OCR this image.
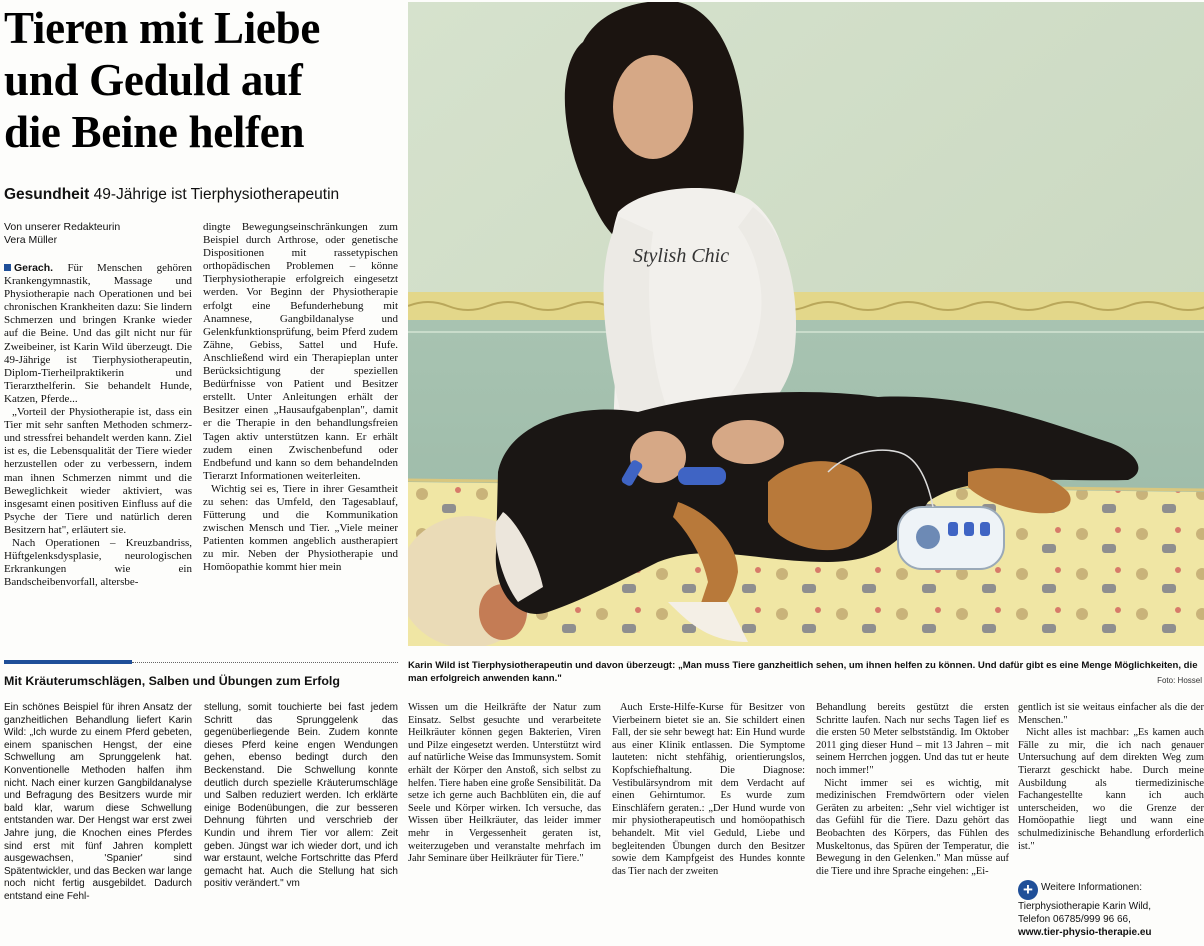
Tieren mit Liebe
und Geduld auf
die Beine helfen
Gesundheit 49-Jährige ist Tierphysiotherapeutin
Von unserer Redakteurin
Vera Müller

Gerach. Für Menschen gehören Krankengymnastik, Massage und Physiotherapie nach Operationen und bei chronischen Krankheiten dazu: Sie lindern Schmerzen und bringen Kranke wieder auf die Beine. Und das gilt nicht nur für Zweibeiner, ist Karin Wild überzeugt. Die 49-Jährige ist Tierphysiotherapeutin, Diplom-Tierheilpraktikerin und Tierarzthelferin. Sie behandelt Hunde, Katzen, Pferde...

„Vorteil der Physiotherapie ist, dass ein Tier mit sehr sanften Methoden schmerz- und stressfrei behandelt werden kann. Ziel ist es, die Lebensqualität der Tiere wieder herzustellen oder zu verbessern, indem man ihnen Schmerzen nimmt und die Beweglichkeit wieder aktiviert, was insgesamt einen positiven Einfluss auf die Psyche der Tiere und natürlich deren Besitzern hat", erläutert sie.

Nach Operationen – Kreuzbandriss, Hüftgelenksdysplasie, neurologischen Erkrankungen wie ein Bandscheibenvorfall, altersbe-

dingte Bewegungseinschränkungen zum Beispiel durch Arthrose, oder genetische Dispositionen mit rassetypischen orthopädischen Problemen – könne Tierphysiotherapie erfolgreich eingesetzt werden. Vor Beginn der Physiotherapie erfolgt eine Befunderhebung mit Anamnese, Gangbildanalyse und Gelenkfunktionsprüfung, beim Pferd zudem Zähne, Gebiss, Sattel und Hufe. Anschließend wird ein Therapieplan unter Berücksichtigung der speziellen Bedürfnisse von Patient und Besitzer erstellt. Unter Anleitungen erhält der Besitzer einen „Hausaufgabenplan", damit er die Therapie in den behandlungsfreien Tagen aktiv unterstützen kann. Er erhält zudem einen Zwischenbefund oder Endbefund und kann so dem behandelnden Tierarzt Informationen weiterleiten.

Wichtig sei es, Tiere in ihrer Gesamtheit zu sehen: das Umfeld, den Tagesablauf, Fütterung und die Kommunikation zwischen Mensch und Tier. „Viele meiner Patienten kommen angeblich austherapiert zu mir. Neben der Physiotherapie und Homöopathie kommt hier mein

Stylish Chic
Karin Wild ist Tierphysiotherapeutin und davon überzeugt: „Man muss Tiere ganzheitlich sehen, um ihnen helfen zu können. Und dafür gibt es eine Menge Möglichkeiten, die man erfolgreich anwenden kann."	Foto: Hossel
Mit Kräuterumschlägen, Salben und Übungen zum Erfolg
Ein schönes Beispiel für ihren Ansatz der ganzheitlichen Behandlung liefert Karin Wild: „Ich wurde zu einem Pferd gebeten, einem spanischen Hengst, der eine Schwellung am Sprunggelenk hat. Konventionelle Methoden halfen ihm nicht. Nach einer kurzen Gangbildanalyse und Befragung des Besitzers wurde mir bald klar, warum diese Schwellung entstanden war. Der Hengst war erst zwei Jahre jung, die Knochen eines Pferdes sind erst mit fünf Jahren komplett ausgewachsen, 'Spanier' sind Spätentwickler, und das Becken war lange noch nicht fertig ausgebildet. Dadurch entstand eine Fehl-
stellung, somit touchierte bei fast jedem Schritt das Sprunggelenk das gegenüberliegende Bein. Zudem konnte dieses Pferd keine engen Wendungen gehen, ebenso bedingt durch den Beckenstand. Die Schwellung konnte deutlich durch spezielle Kräuterumschläge und Salben reduziert werden. Ich erklärte einige Bodenübungen, die zur besseren Dehnung führten und verschrieb der Kundin und ihrem Tier vor allem: Zeit geben. Jüngst war ich wieder dort, und ich war erstaunt, welche Fortschritte das Pferd gemacht hat. Auch die Stellung hat sich positiv verändert." vm

Wissen um die Heilkräfte der Natur zum Einsatz. Selbst gesuchte und verarbeitete Heilkräuter können gegen Bakterien, Viren und Pilze eingesetzt werden. Unterstützt wird auf natürliche Weise das Immunsystem. Somit erhält der Körper den Anstoß, sich selbst zu helfen. Tiere haben eine große Sensibilität. Da setze ich gerne auch Bachblüten ein, die auf Seele und Körper wirken. Ich versuche, das Wissen über Heilkräuter, das leider immer mehr in Vergessenheit geraten ist, weiterzugeben und veranstalte mehrfach im Jahr Seminare über Heilkräuter für Tiere."

Auch Erste-Hilfe-Kurse für Besitzer von Vierbeinern bietet sie an. Sie schildert einen Fall, der sie sehr bewegt hat: Ein Hund wurde aus einer Klinik entlassen. Die Symptome lauteten: nicht stehfähig, orientierungslos, Kopfschiefhaltung. Die Diagnose: Vestibulärsyndrom mit dem Verdacht auf einen Gehirntumor. Es wurde zum Einschläfern geraten.: „Der Hund wurde von mir physiotherapeutisch und homöopathisch behandelt. Mit viel Geduld, Liebe und begleitenden Übungen durch den Besitzer sowie dem Kampfgeist des Hundes konnte das Tier nach der zweiten

Behandlung bereits gestützt die ersten Schritte laufen. Nach nur sechs Tagen lief es die ersten 50 Meter selbstständig. Im Oktober 2011 ging dieser Hund – mit 13 Jahren – mit seinem Herrchen joggen. Und das tut er heute noch immer!"

Nicht immer sei es wichtig, mit medizinischen Fremdwörtern oder vielen Geräten zu arbeiten: „Sehr viel wichtiger ist das Gefühl für die Tiere. Dazu gehört das Beobachten des Körpers, das Fühlen des Muskeltonus, das Spüren der Temperatur, die Bewegung in den Gelenken." Man müsse auf die Tiere und ihre Sprache eingehen: „Ei-

gentlich ist sie weitaus einfacher als die der Menschen."

Nicht alles ist machbar: „Es kamen auch Fälle zu mir, die ich nach genauer Untersuchung auf dem direkten Weg zum Tierarzt geschickt habe. Durch meine Ausbildung als tiermedizinische Fachangestellte kann ich auch unterscheiden, wo die Grenze der Homöopathie liegt und wann eine schulmedizinische Behandlung erforderlich ist."

+ Weitere Informationen: Tierphysiotherapie Karin Wild,
Telefon 06785/999 96 66,
www.tier-physio-therapie.eu
